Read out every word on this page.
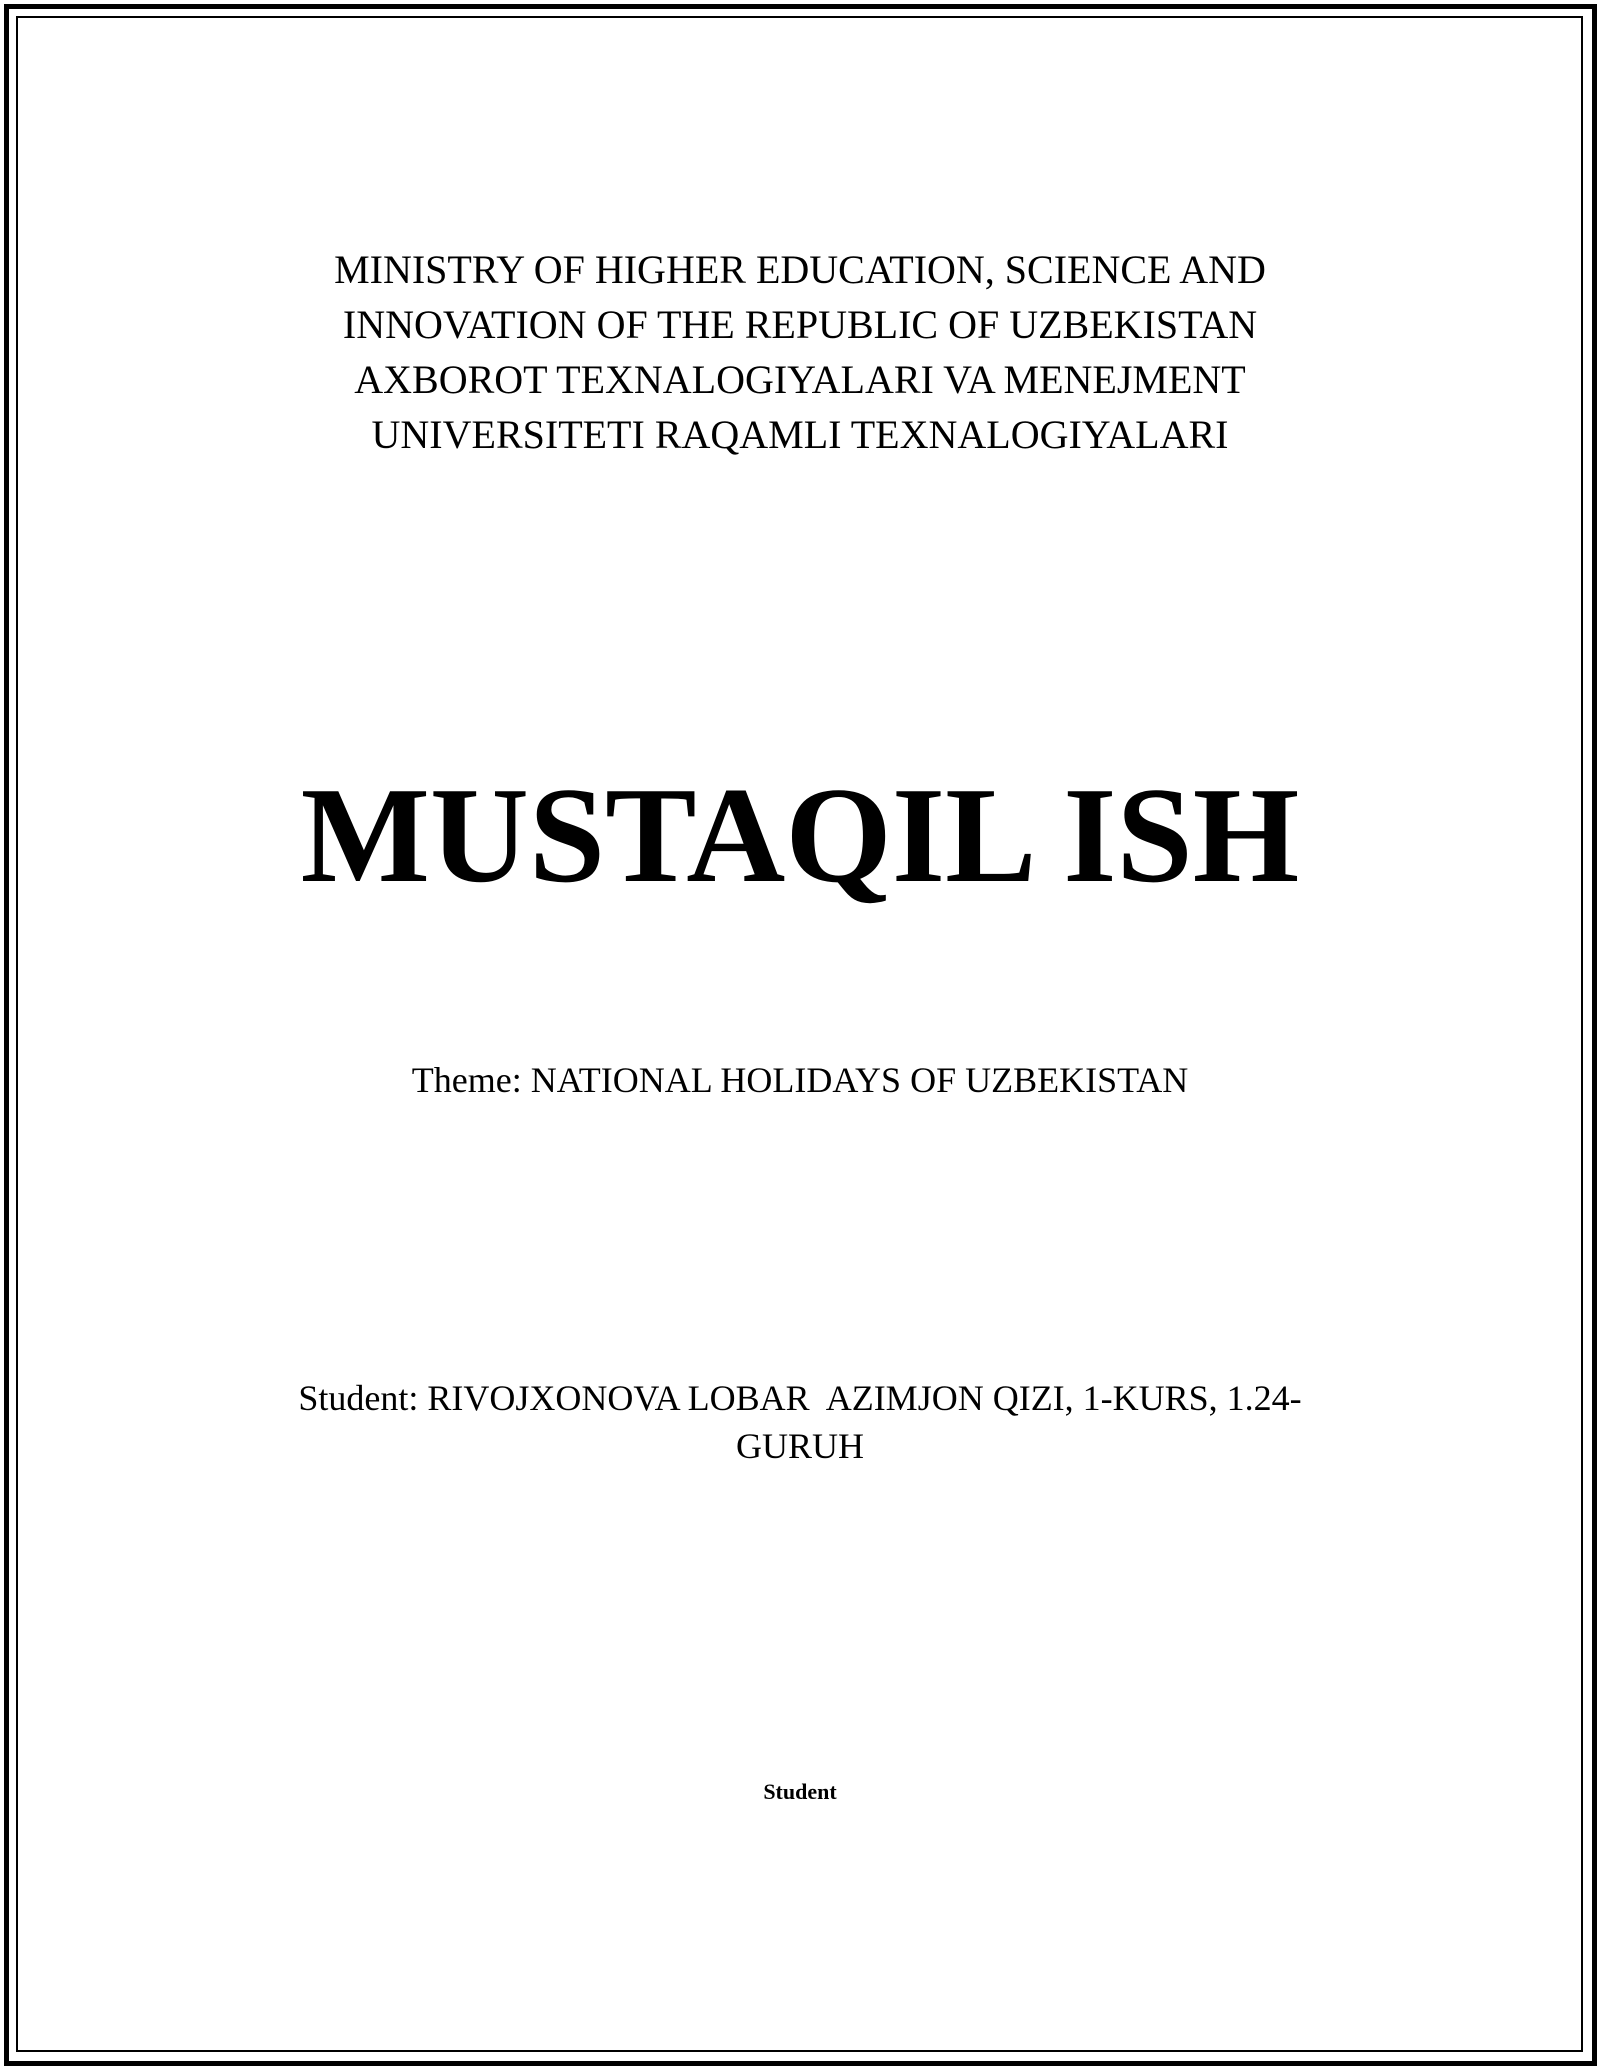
MINISTRY OF HIGHER EDUCATION, SCIENCE AND
INNOVATION OF THE REPUBLIC OF UZBEKISTAN
AXBOROT TEXNALOGIYALARI VA MENEJMENT
UNIVERSITETI RAQAMLI TEXNALOGIYALARI
MUSTAQIL ISH
Theme: NATIONAL HOLIDAYS OF UZBEKISTAN
Student: RIVOJXONOVA LOBAR  AZIMJON QIZI, 1-KURS, 1.24-
GURUH
Student
